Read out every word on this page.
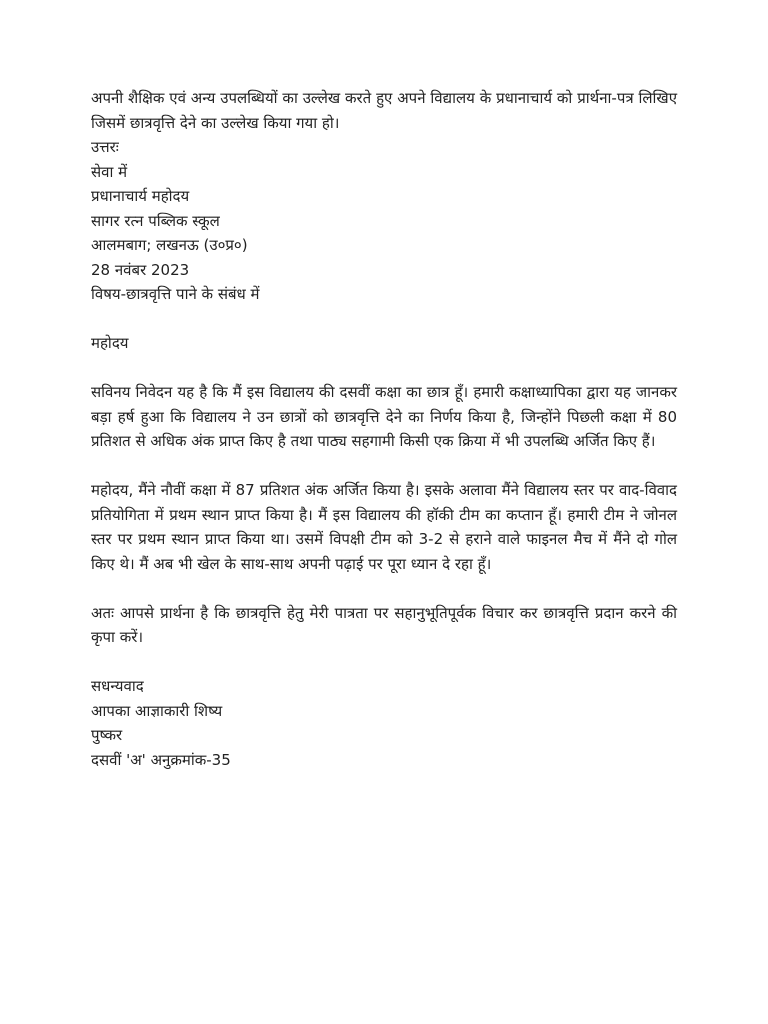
अपनी शैक्षिक एवं अन्य उपलब्धियों का उल्लेख करते हुए अपने विद्यालय के प्रधानाचार्य को प्रार्थना-पत्र लिखिए जिसमें छात्रवृत्ति देने का उल्लेख किया गया हो।

उत्तरः

सेवा में

प्रधानाचार्य महोदय

सागर रत्न पब्लिक स्कूल

आलमबाग; लखनऊ (उ०प्र०)

28 नवंबर 2023

विषय-छात्रवृत्ति पाने के संबंध में

महोदय

सविनय निवेदन यह है कि मैं इस विद्यालय की दसवीं कक्षा का छात्र हूँ। हमारी कक्षाध्यापिका द्वारा यह जानकर बड़ा हर्ष हुआ कि विद्यालय ने उन छात्रों को छात्रवृत्ति देने का निर्णय किया है, जिन्होंने पिछली कक्षा में 80 प्रतिशत से अधिक अंक प्राप्त किए है तथा पाठ्य सहगामी किसी एक क्रिया में भी उपलब्धि अर्जित किए हैं।

महोदय, मैंने नौवीं कक्षा में 87 प्रतिशत अंक अर्जित किया है। इसके अलावा मैंने विद्यालय स्तर पर वाद-विवाद प्रतियोगिता में प्रथम स्थान प्राप्त किया है। मैं इस विद्यालय की हॉकी टीम का कप्तान हूँ। हमारी टीम ने जोनल स्तर पर प्रथम स्थान प्राप्त किया था। उसमें विपक्षी टीम को 3-2 से हराने वाले फाइनल मैच में मैंने दो गोल किए थे। मैं अब भी खेल के साथ-साथ अपनी पढ़ाई पर पूरा ध्यान दे रहा हूँ।

अतः आपसे प्रार्थना है कि छात्रवृत्ति हेतु मेरी पात्रता पर सहानुभूतिपूर्वक विचार कर छात्रवृत्ति प्रदान करने की कृपा करें।

सधन्यवाद

आपका आज्ञाकारी शिष्य

पुष्कर

दसवीं 'अ' अनुक्रमांक-35
